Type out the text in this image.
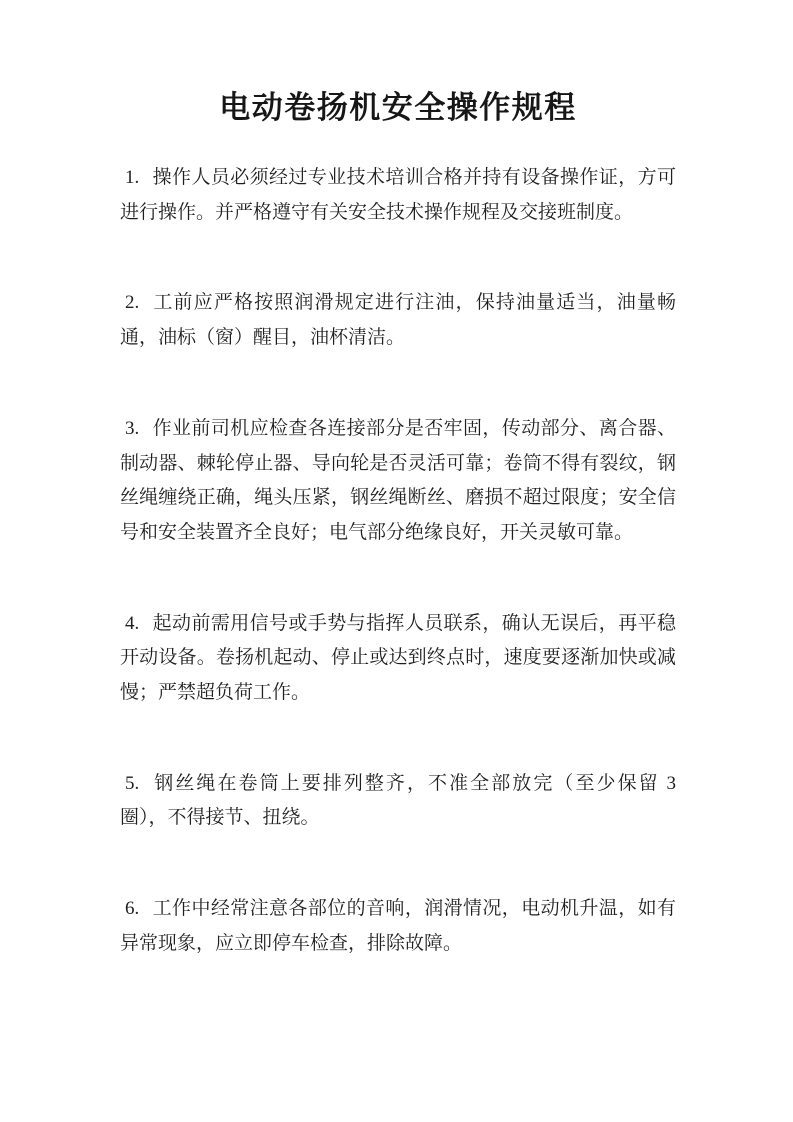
电动卷扬机安全操作规程
1. 操作人员必须经过专业技术培训合格并持有设备操作证，方可
进行操作。并严格遵守有关安全技术操作规程及交接班制度。
2. 工前应严格按照润滑规定进行注油，保持油量适当，油量畅
通，油标（窗）醒目，油杯清洁。
3. 作业前司机应检查各连接部分是否牢固，传动部分、离合器、
制动器、棘轮停止器、导向轮是否灵活可靠；卷筒不得有裂纹，钢
丝绳缠绕正确，绳头压紧，钢丝绳断丝、磨损不超过限度；安全信
号和安全装置齐全良好；电气部分绝缘良好，开关灵敏可靠。
4. 起动前需用信号或手势与指挥人员联系，确认无误后，再平稳
开动设备。卷扬机起动、停止或达到终点时，速度要逐渐加快或减
慢；严禁超负荷工作。
5. 钢丝绳在卷筒上要排列整齐，不准全部放完（至少保留 3
圈），不得接节、扭绕。
6. 工作中经常注意各部位的音响，润滑情况，电动机升温，如有
异常现象，应立即停车检查，排除故障。
